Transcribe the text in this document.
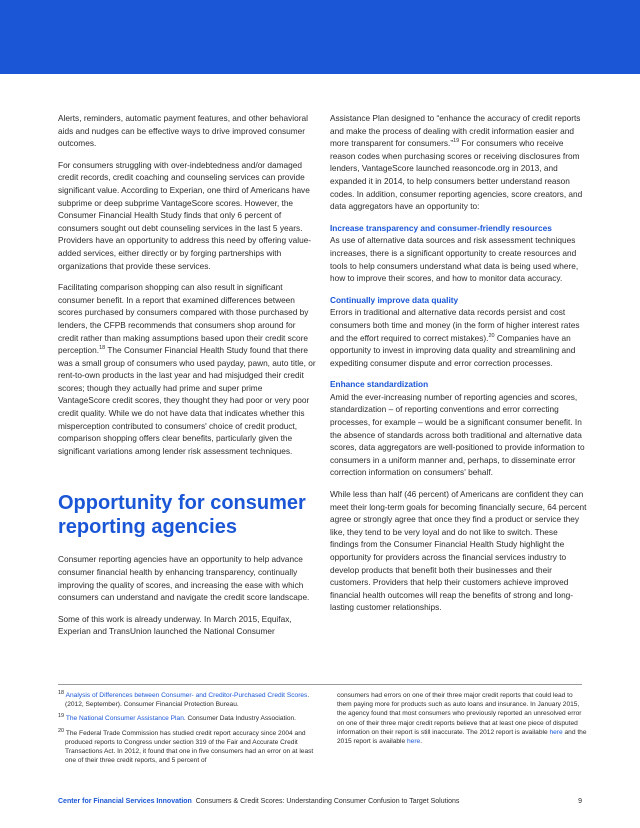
Alerts, reminders, automatic payment features, and other behavioral aids and nudges can be effective ways to drive improved consumer outcomes.

For consumers struggling with over-indebtedness and/or damaged credit records, credit coaching and counseling services can provide significant value. According to Experian, one third of Americans have subprime or deep subprime VantageScore scores. However, the Consumer Financial Health Study finds that only 6 percent of consumers sought out debt counseling services in the last 5 years. Providers have an opportunity to address this need by offering value-added services, either directly or by forging partnerships with organizations that provide these services.

Facilitating comparison shopping can also result in significant consumer benefit. In a report that examined differences between scores purchased by consumers compared with those purchased by lenders, the CFPB recommends that consumers shop around for credit rather than making assumptions based upon their credit score perception.$^{18}$ The Consumer Financial Health Study found that there was a small group of consumers who used payday, pawn, auto title, or rent-to-own products in the last year and had misjudged their credit scores; though they actually had prime and super prime VantageScore credit scores, they thought they had poor or very poor credit quality. While we do not have data that indicates whether this misperception contributed to consumers' choice of credit product, comparison shopping offers clear benefits, particularly given the significant variations among lender risk assessment techniques.

Opportunity for consumer reporting agencies

Consumer reporting agencies have an opportunity to help advance consumer financial health by enhancing transparency, continually improving the quality of scores, and increasing the ease with which consumers can understand and navigate the credit score landscape.

Some of this work is already underway. In March 2015, Equifax, Experian and TransUnion launched the National Consumer

Assistance Plan designed to “enhance the accuracy of credit reports and make the process of dealing with credit information easier and more transparent for consumers.”$^{19}$ For consumers who receive reason codes when purchasing scores or receiving disclosures from lenders, VantageScore launched reasoncode.org in 2013, and expanded it in 2014, to help consumers better understand reason codes. In addition, consumer reporting agencies, score creators, and data aggregators have an opportunity to:

Increase transparency and consumer-friendly resources

As use of alternative data sources and risk assessment techniques increases, there is a significant opportunity to create resources and tools to help consumers understand what data is being used where, how to improve their scores, and how to monitor data accuracy.

Continually improve data quality

Errors in traditional and alternative data records persist and cost consumers both time and money (in the form of higher interest rates and the effort required to correct mistakes).$^{20}$ Companies have an opportunity to invest in improving data quality and streamlining and expediting consumer dispute and error correction processes.

Enhance standardization

Amid the ever-increasing number of reporting agencies and scores, standardization – of reporting conventions and error correcting processes, for example – would be a significant consumer benefit. In the absence of standards across both traditional and alternative data scores, data aggregators are well-positioned to provide information to consumers in a uniform manner and, perhaps, to disseminate error correction information on consumers' behalf.

While less than half (46 percent) of Americans are confident they can meet their long-term goals for becoming financially secure, 64 percent agree or strongly agree that once they find a product or service they like, they tend to be very loyal and do not like to switch. These findings from the Consumer Financial Health Study highlight the opportunity for providers across the financial services industry to develop products that benefit both their businesses and their customers. Providers that help their customers achieve improved financial health outcomes will reap the benefits of strong and long-lasting customer relationships.

$^{18}$ Analysis of Differences between Consumer- and Creditor-Purchased Credit Scores. (2012, September). Consumer Financial Protection Bureau.
$^{19}$ The National Consumer Assistance Plan. Consumer Data Industry Association.
$^{20}$ The Federal Trade Commission has studied credit report accuracy since 2004 and produced reports to Congress under section 319 of the Fair and Accurate Credit Transactions Act. In 2012, it found that one in five consumers had an error on at least one of their three credit reports, and 5 percent of
consumers had errors on one of their three major credit reports that could lead to them paying more for products such as auto loans and insurance. In January 2015, the agency found that most consumers who previously reported an unresolved error on one of their three major credit reports believe that at least one piece of disputed information on their report is still inaccurate. The 2012 report is available here and the 2015 report is available here.
Center for Financial Services Innovation Consumers & Credit Scores: Understanding Consumer Confusion to Target Solutions	9
